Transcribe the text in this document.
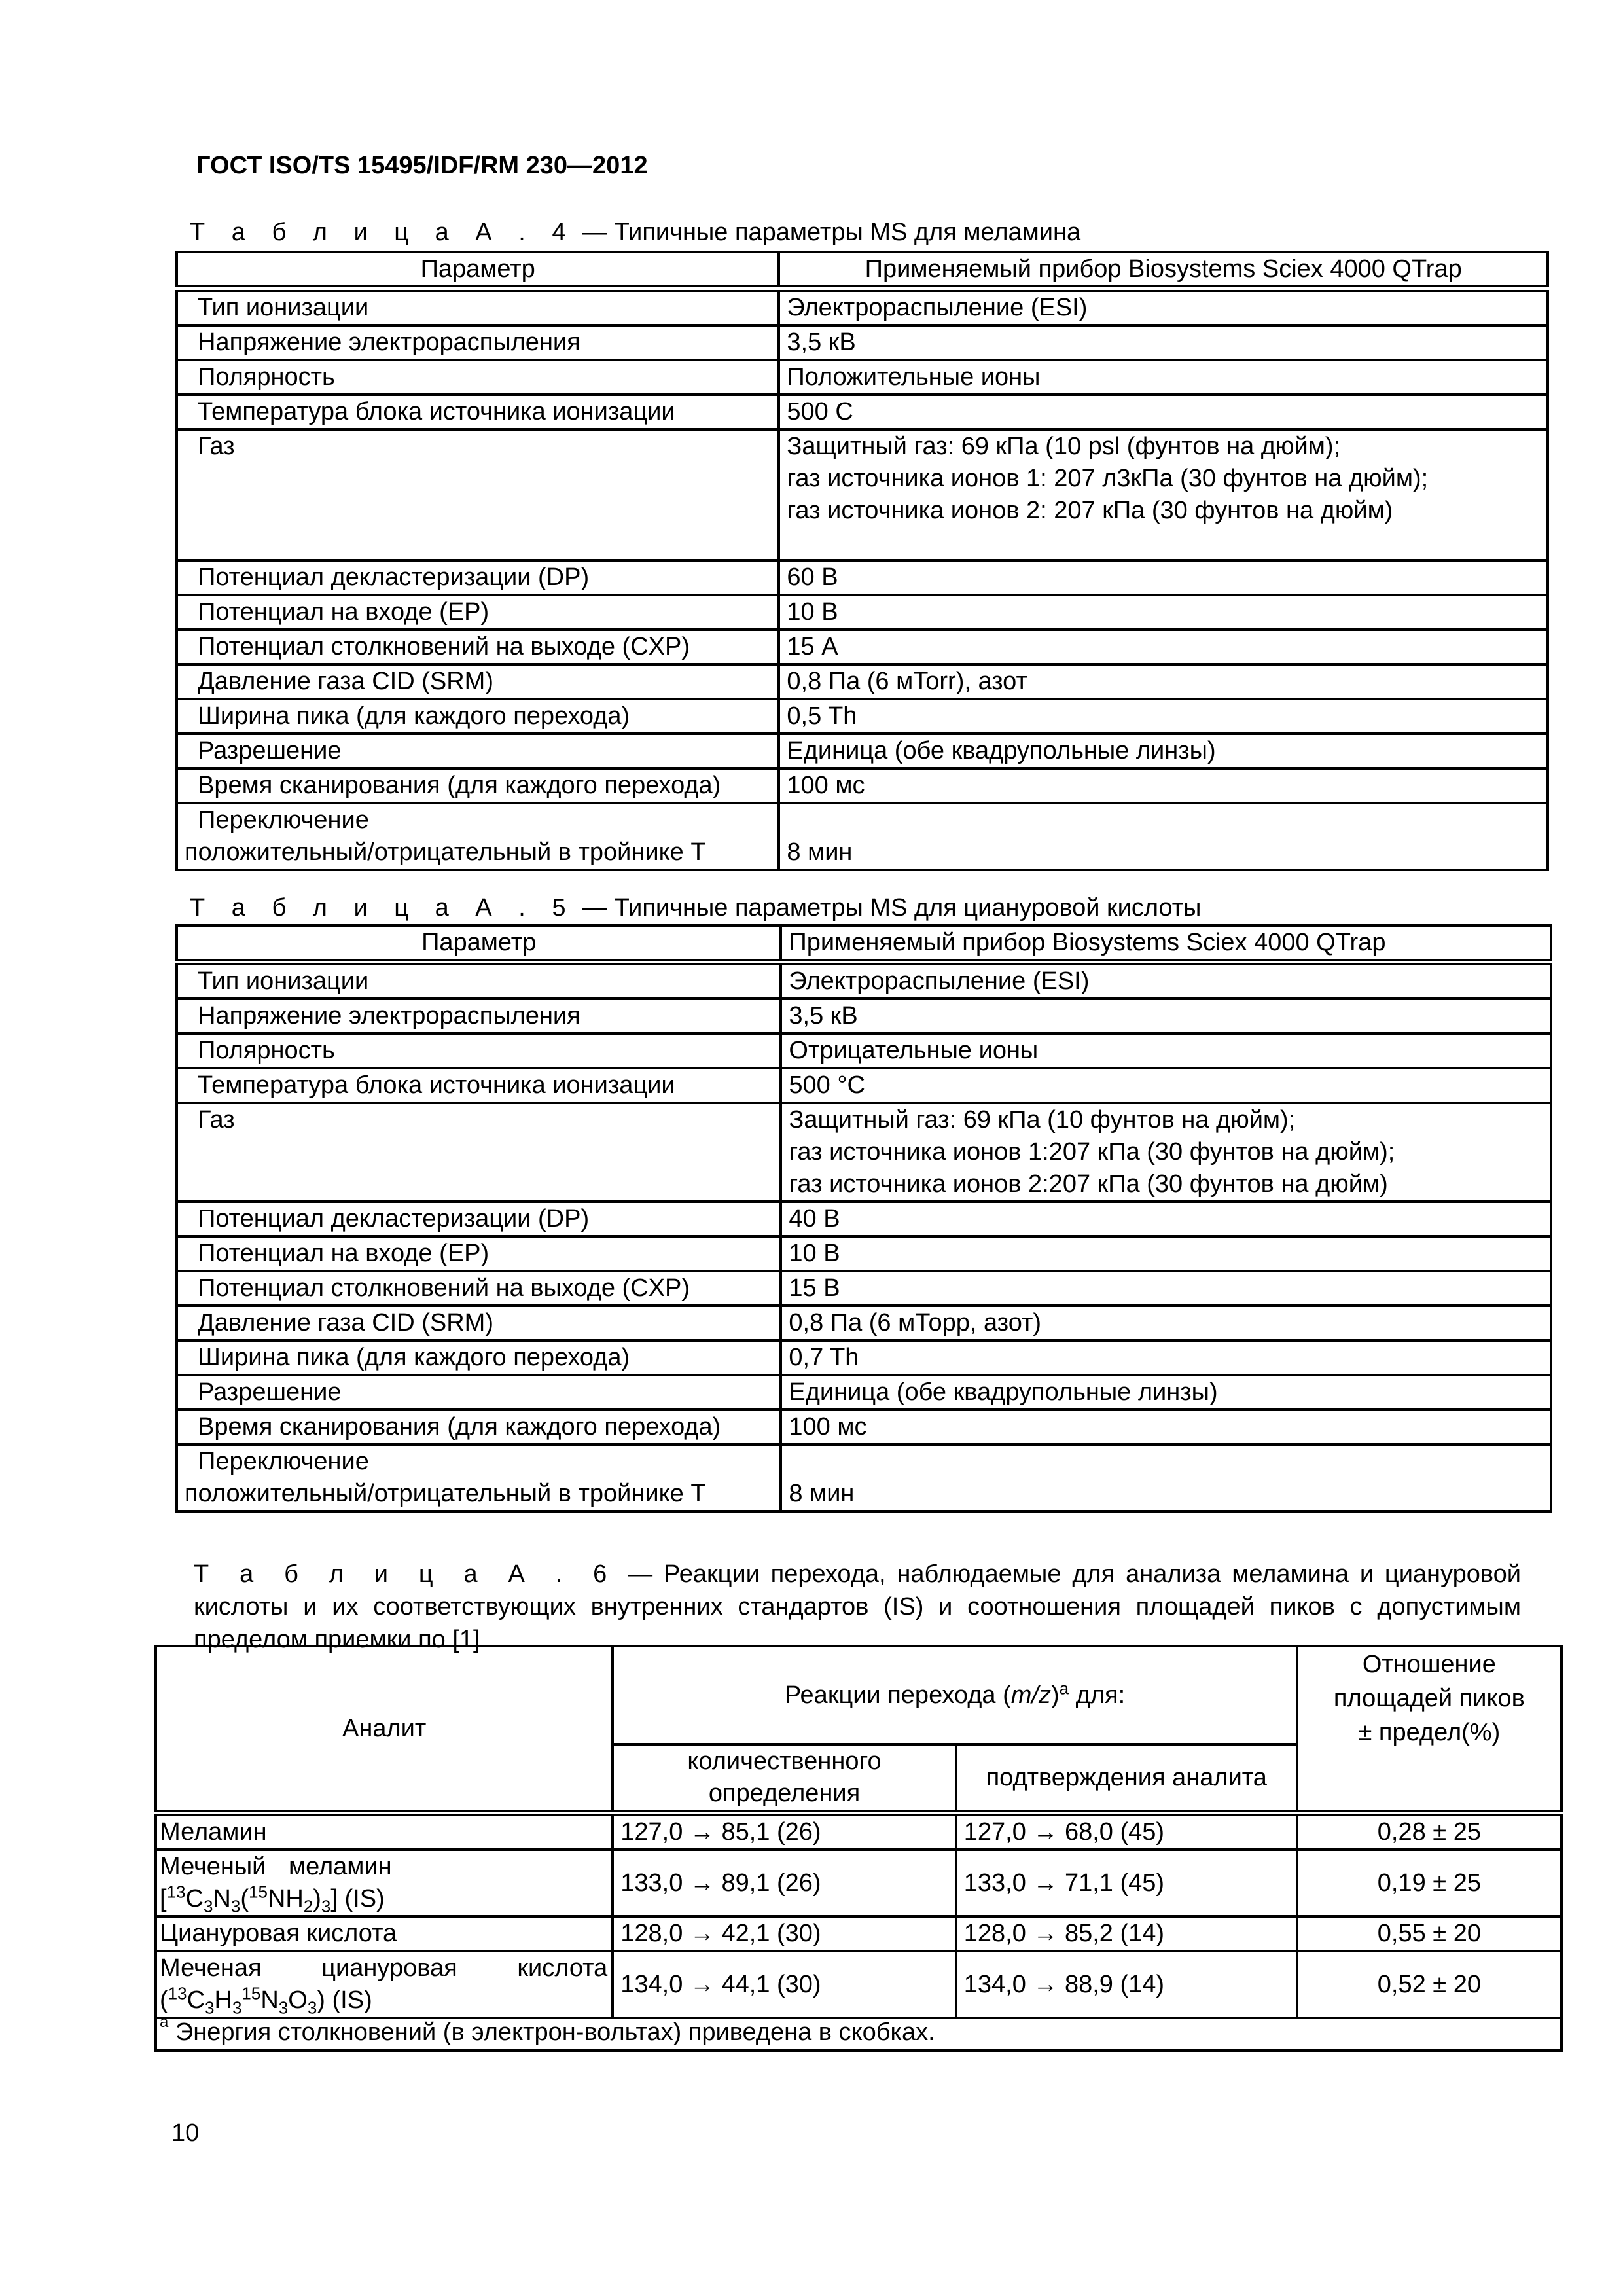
ГОСТ ISO/TS 15495/IDF/RM 230—2012
Т а б л и ц а А . 4 — Типичные параметры MS для меламина
Параметр	Применяемый прибор Biosystems Sciex 4000 QTrap
Тип ионизации	Электрораспыление (ESI)
Напряжение электрораспыления	3,5 кВ
Полярность	Положительные ионы
Температура блока источника ионизации	500 С
Газ	Защитный газ: 69 кПа (10 psl (фунтов на дюйм);
газ источника ионов 1: 207 л3кПа (30 фунтов на дюйм);
газ источника ионов 2: 207 кПа (30 фунтов на дюйм)

Потенциал декластеризации (DP)	60 В
Потенциал на входе (EP)	10 В
Потенциал столкновений на выходе (CXP)	15 А
Давление газа CID (SRM)	0,8 Па (6 мTorr), азот
Ширина пика (для каждого перехода)	0,5 Th
Разрешение	Единица (обе квадрупольные линзы)
Время сканирования (для каждого перехода)	100 мс

Переключение
положительный/отрицательный в тройнике Т	8 мин
Т а б л и ц а А . 5 — Типичные параметры MS для циануровой кислоты
Параметр	Применяемый прибор Biosystems Sciex 4000 QTrap
Тип ионизации	Электрораспыление (ESI)
Напряжение электрораспыления	3,5 кВ
Полярность	Отрицательные ионы
Температура блока источника ионизации	500 °С
Газ	Защитный газ: 69 кПа (10 фунтов на дюйм);
газ источника ионов 1:207 кПа (30 фунтов на дюйм);
газ источника ионов 2:207 кПа (30 фунтов на дюйм)

Потенциал декластеризации (DP)	40 В
Потенциал на входе (EP)	10 В
Потенциал столкновений на выходе (CXP)	15 В
Давление газа CID (SRM)	0,8 Па (6 мТорр, азот)
Ширина пика (для каждого перехода)	0,7 Th
Разрешение	Единица (обе квадрупольные линзы)
Время сканирования (для каждого перехода)	100 мс

Переключение
положительный/отрицательный в тройнике Т	8 мин
Т а б л и ц а А . 6 — Реакции перехода, наблюдаемые для анализа меламина и циануровой кислоты и их соответствующих внутренних стандартов (IS) и соотношения площадей пиков с допустимым пределом приемки по [1]
Аналит	Реакции перехода $(m/z)^a$ для:		Отношение
площадей пиков
± предел(%)

	количественного определения	подтверждения аналита	
Меламин	127,0 → 85,1 (26)	127,0 → 68,0 (45)	0,28 ± 25

Меченый меламин
$[^{13}C_3N_3(^{15}NH_2)_3]$ (IS)	133,0 → 89,1 (26)	133,0 → 71,1 (45)	0,19 ± 25
Циануровая кислота	128,0 → 42,1 (30)	128,0 → 85,2 (14)	0,55 ± 20

Меченая циануровая кислота
$(^{13}C_3H_3^{15}N_3O_3)$ (IS)	134,0 → 44,1 (30)	134,0 → 88,9 (14)	0,52 ± 20
$^a$ Энергия столкновений (в электрон-вольтах) приведена в скобках.			
10
